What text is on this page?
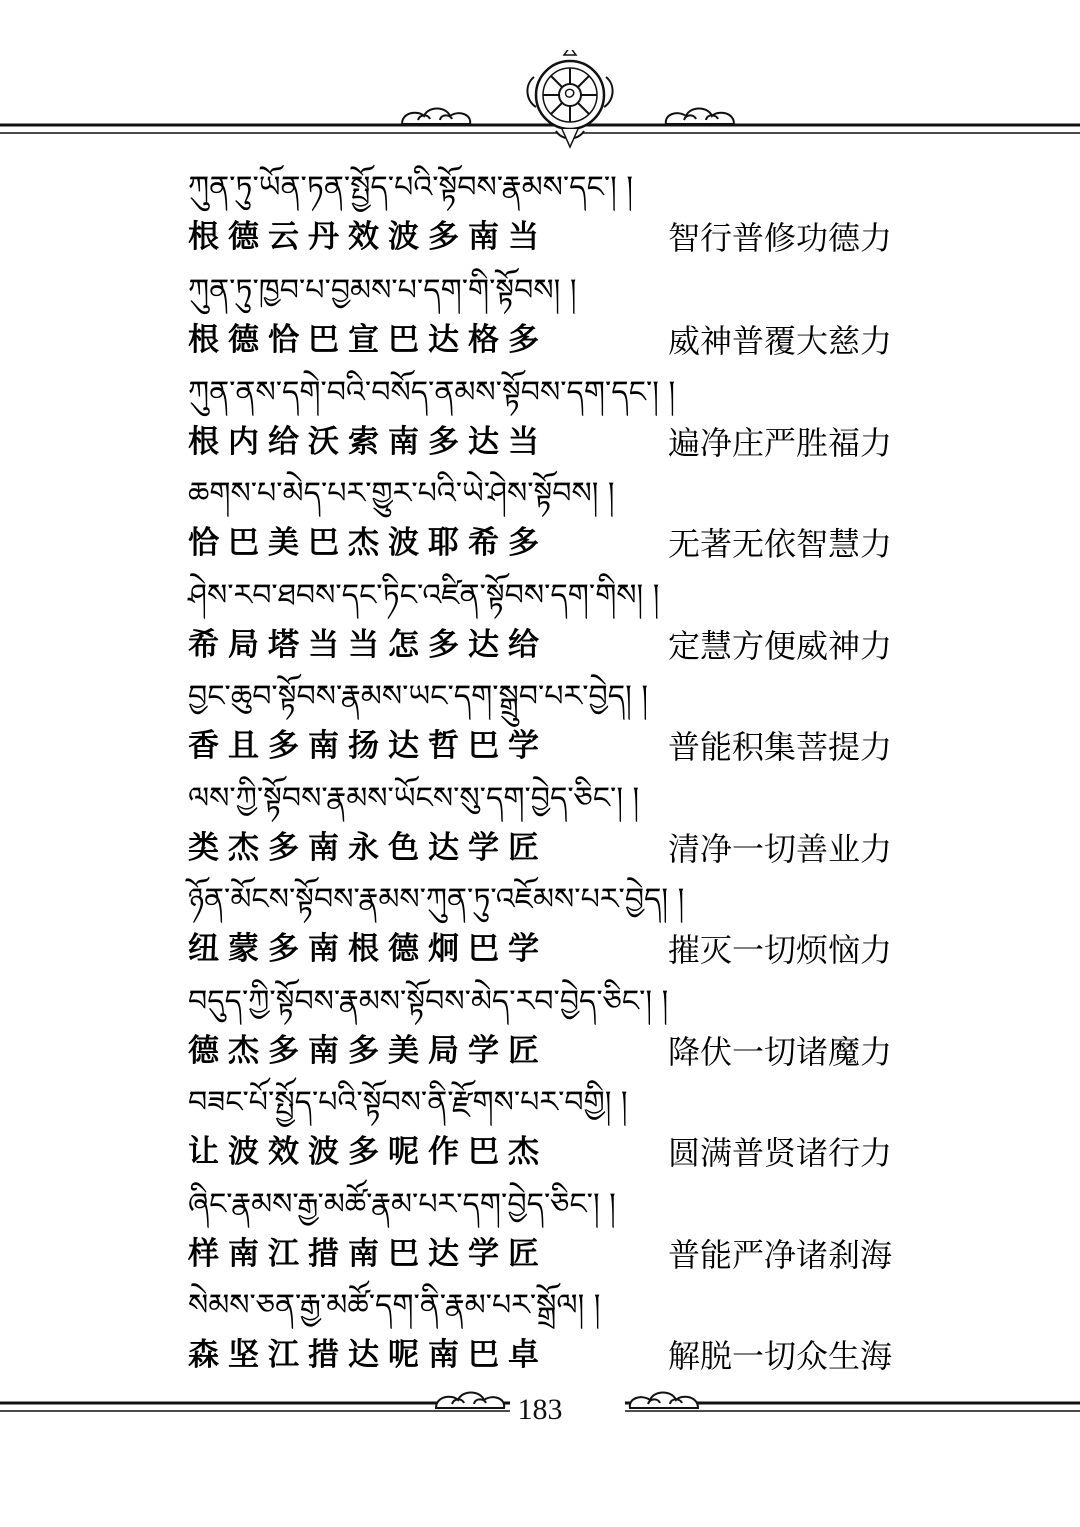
ཀུན་ཏུ་ཡོན་ཏན་སྤྱོད་པའི་སྟོབས་རྣམས་དང་། །
根德云丹效波多南当	智行普修功德力
ཀུན་ཏུ་ཁྱབ་པ་བྱམས་པ་དག་གི་སྟོབས། །
根德恰巴宣巴达格多	威神普覆大慈力
ཀུན་ནས་དགེ་བའི་བསོད་ནམས་སྟོབས་དག་དང་། །
根内给沃索南多达当	遍净庄严胜福力
ཆགས་པ་མེད་པར་གྱུར་པའི་ཡེ་ཤེས་སྟོབས། །
恰巴美巴杰波耶希多	无著无依智慧力
ཤེས་རབ་ཐབས་དང་ཏིང་འཛིན་སྟོབས་དག་གིས། །
希局塔当当怎多达给	定慧方便威神力
བྱང་ཆུབ་སྟོབས་རྣམས་ཡང་དག་སྒྲུབ་པར་བྱེད། །
香且多南扬达哲巴学	普能积集菩提力
ལས་ཀྱི་སྟོབས་རྣམས་ཡོངས་སུ་དག་བྱེད་ཅིང་། །
类杰多南永色达学匠	清净一切善业力
ཉོན་མོངས་སྟོབས་རྣམས་ཀུན་ཏུ་འཇོམས་པར་བྱེད། །
纽蒙多南根德炯巴学	摧灭一切烦恼力
བདུད་ཀྱི་སྟོབས་རྣམས་སྟོབས་མེད་རབ་བྱེད་ཅིང་། །
德杰多南多美局学匠	降伏一切诸魔力
བཟང་པོ་སྤྱོད་པའི་སྟོབས་ནི་རྫོགས་པར་བགྱི། །
让波效波多呢作巴杰	圆满普贤诸行力
ཞིང་རྣམས་རྒྱ་མཚོ་རྣམ་པར་དག་བྱེད་ཅིང་། །
样南江措南巴达学匠	普能严净诸刹海
སེམས་ཅན་རྒྱ་མཚོ་དག་ནི་རྣམ་པར་སྒྲོལ། །
森坚江措达呢南巴卓	解脱一切众生海
183
